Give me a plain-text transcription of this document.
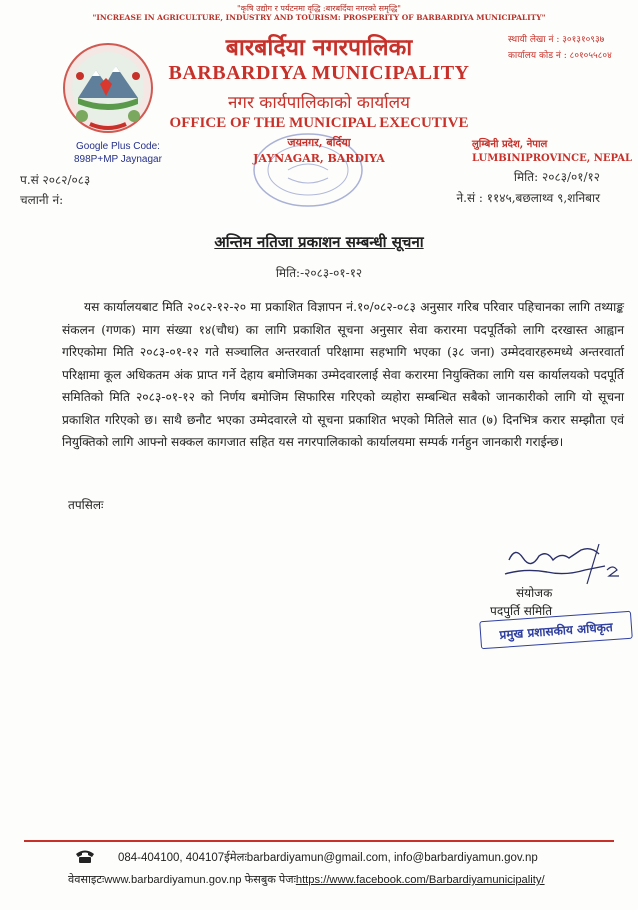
"कृषि उद्योग र पर्यटनमा वृद्धि :बारबर्दिया नगरको समृद्धि"
"INCREASE IN AGRICULTURE, INDUSTRY AND TOURISM: PROSPERITY OF BARBARDIYA MUNICIPALITY"
बारबर्दिया नगरपालिका
BARBARDIYA MUNICIPALITY
नगर कार्यपालिकाको कार्यालय
OFFICE OF THE MUNICIPAL EXECUTIVE
स्थायी लेखा नं : ३०१३१०९३७
कार्यालय कोड नं : ८०१०५५८०४
Google Plus Code:
898P+MP Jaynagar
जयनगर, बर्दिया
JAYNAGAR, BARDIYA
लुम्बिनी प्रदेश, नेपाल
LUMBINIPROVINCE, NEPAL
प.सं २०८२/०८३
चलानी नं:
मिति: २०८३/०१/१२
ने.सं : ११४५,बछलाथ्व ९,शनिबार
अन्तिम नतिजा प्रकाशन सम्बन्धी सूचना
मिति:-२०८३-०१-१२
यस कार्यालयबाट मिति २०८२-१२-२० मा प्रकाशित विज्ञापन नं.१०/०८२-०८३ अनुसार गरिब परिवार पहिचानका लागि तथ्याङ्क संकलन (गणक) माग संख्या १४(चौध) का लागि प्रकाशित सूचना अनुसार सेवा करारमा पदपूर्तिको लागि दरखास्त आह्वान गरिएकोमा मिति २०८३-०१-१२ गते सञ्चालित अन्तरवार्ता परिक्षामा सहभागि भएका (३८ जना) उम्मेदवारहरुमध्ये अन्तरवार्ता परिक्षामा कूल अधिकतम अंक प्राप्त गर्ने देहाय बमोजिमका उम्मेदवारलाई सेवा करारमा नियुक्तिका लागि यस कार्यालयको पदपूर्ति समितिको मिति २०८३-०१-१२ को निर्णय बमोजिम सिफारिस गरिएको व्यहोरा सम्बन्धित सबैको जानकारीको लागि यो सूचना प्रकाशित गरिएको छ। साथै छनौट भएका उम्मेदवारले यो सूचना प्रकाशित भएको मितिले सात (७) दिनभित्र करार सम्झौता एवं नियुक्तिको लागि आफ्नो सक्कल कागजात सहित यस नगरपालिकाको कार्यालयमा सम्पर्क गर्नहुन जानकारी गराईन्छ।
तपसिलः
संयोजक
पदपुर्ति समिति
प्रमुख प्रशासकीय अधिकृत
084-404100, 404107ईमेलःbarbardiyamun@gmail.com, info@barbardiyamun.gov.np
वेवसाइटःwww.barbardiyamun.gov.np फेसबुक पेजःhttps://www.facebook.com/Barbardiyamunicipality/
